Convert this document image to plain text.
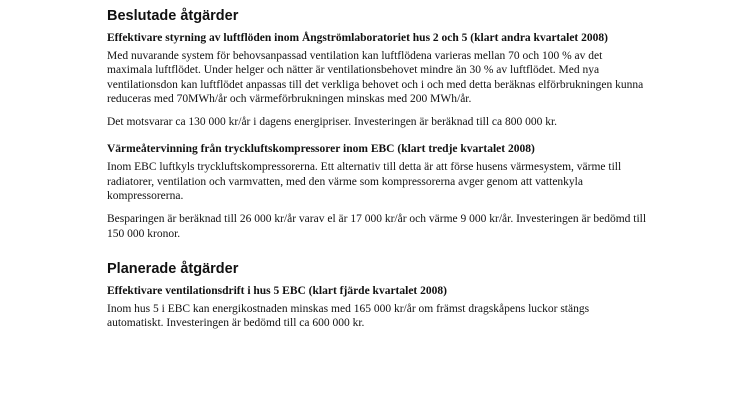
Beslutade åtgärder
Effektivare styrning av luftflöden inom Ångströmlaboratoriet hus 2 och 5 (klart andra kvartalet 2008)

Med nuvarande system för behovsanpassad ventilation kan luftflödena varieras mellan 70 och 100 % av det maximala luftflödet. Under helger och nätter är ventilationsbehovet mindre än 30 % av luftflödet. Med nya ventilationsdon kan luftflödet anpassas till det verkliga behovet och i och med detta beräknas elförbrukningen kunna reduceras med 70MWh/år och värmeförbrukningen minskas med 200 MWh/år.

Det motsvarar ca 130 000 kr/år i dagens energipriser. Investeringen är beräknad till ca 800 000 kr.

Värmeåtervinning från tryckluftskompressorer inom EBC (klart tredje kvartalet 2008)

Inom EBC luftkyls tryckluftskompressorerna. Ett alternativ till detta är att förse husens värmesystem, värme till radiatorer, ventilation och varmvatten, med den värme som kompressorerna avger genom att vattenkyla kompressorerna.

Besparingen är beräknad till 26 000 kr/år varav el är 17 000 kr/år och värme 9 000 kr/år. Investeringen är bedömd till 150 000 kronor.

Planerade åtgärder
Effektivare ventilationsdrift i hus 5 EBC (klart fjärde kvartalet 2008)

Inom hus 5 i EBC kan energikostnaden minskas med 165 000 kr/år om främst dragskåpens luckor stängs automatiskt. Investeringen är bedömd till ca 600 000 kr.
